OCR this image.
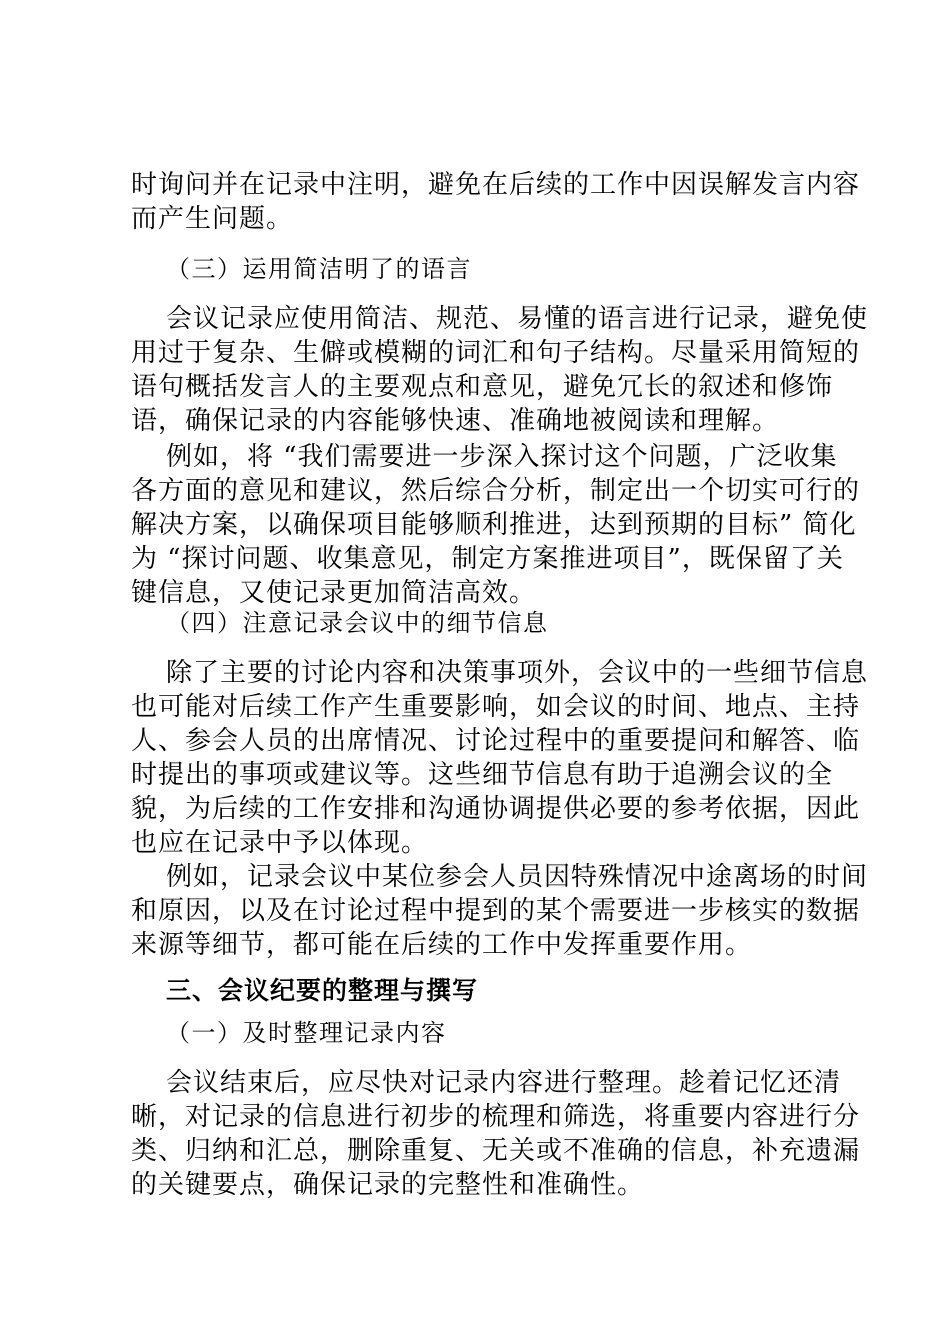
时询问并在记录中注明，避免在后续的工作中因误解发言内容
而产生问题。
（三）运用简洁明了的语言
会议记录应使用简洁、规范、易懂的语言进行记录，避免使
用过于复杂、生僻或模糊的词汇和句子结构。尽量采用简短的
语句概括发言人的主要观点和意见，避免冗长的叙述和修饰
语，确保记录的内容能够快速、准确地被阅读和理解。
例如，将 “我们需要进一步深入探讨这个问题，广泛收集
各方面的意见和建议，然后综合分析，制定出一个切实可行的
解决方案，以确保项目能够顺利推进，达到预期的目标” 简化
为 “探讨问题、收集意见，制定方案推进项目”，既保留了关
键信息，又使记录更加简洁高效。
（四）注意记录会议中的细节信息
除了主要的讨论内容和决策事项外，会议中的一些细节信息
也可能对后续工作产生重要影响，如会议的时间、地点、主持
人、参会人员的出席情况、讨论过程中的重要提问和解答、临
时提出的事项或建议等。这些细节信息有助于追溯会议的全
貌，为后续的工作安排和沟通协调提供必要的参考依据，因此
也应在记录中予以体现。
例如，记录会议中某位参会人员因特殊情况中途离场的时间
和原因，以及在讨论过程中提到的某个需要进一步核实的数据
来源等细节，都可能在后续的工作中发挥重要作用。
三、会议纪要的整理与撰写
（一）及时整理记录内容
会议结束后，应尽快对记录内容进行整理。趁着记忆还清
晰，对记录的信息进行初步的梳理和筛选，将重要内容进行分
类、归纳和汇总，删除重复、无关或不准确的信息，补充遗漏
的关键要点，确保记录的完整性和准确性。
